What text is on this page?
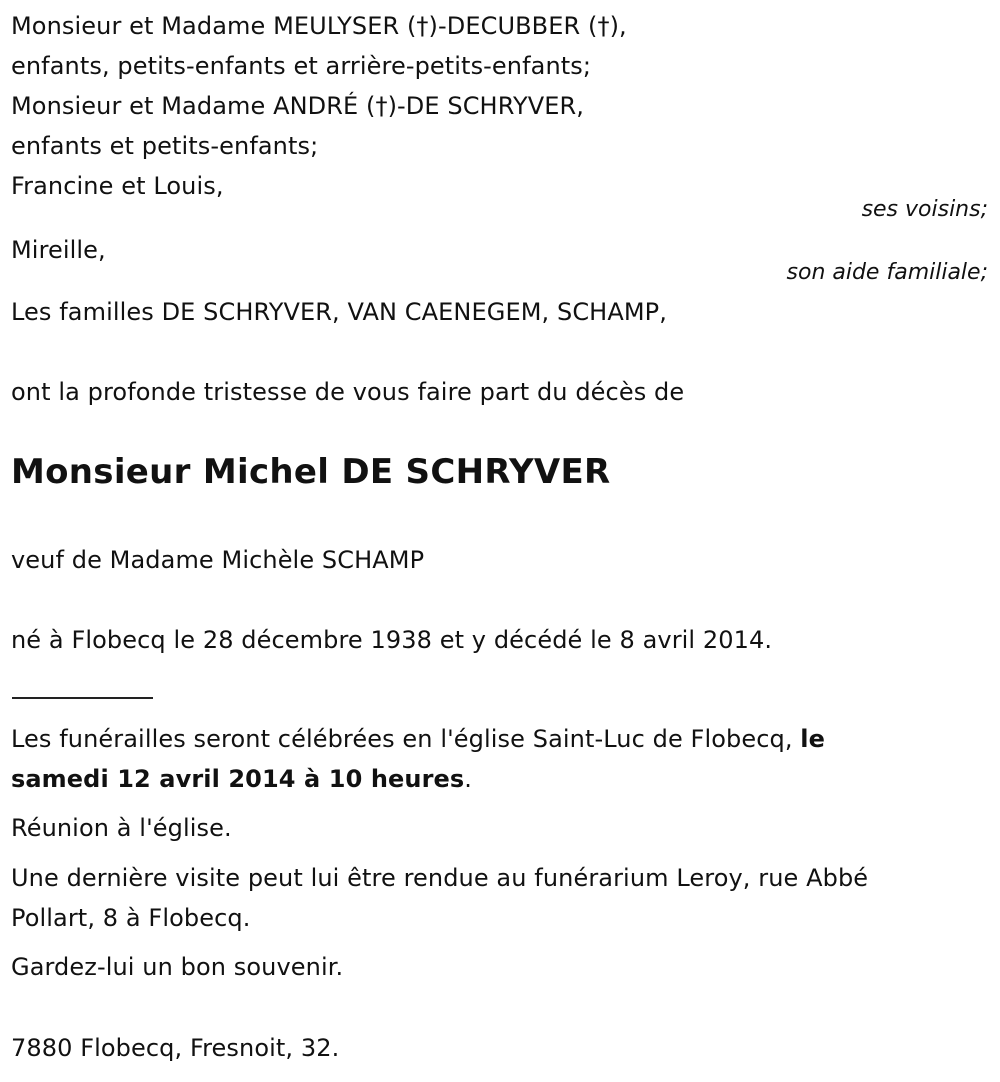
Monsieur et Madame MEULYSER (†)-DECUBBER (†),
enfants, petits-enfants et arrière-petits-enfants;
Monsieur et Madame ANDRÉ (†)-DE SCHRYVER,
enfants et petits-enfants;
Francine et Louis,
ses voisins;
Mireille,
son aide familiale;
Les familles DE SCHRYVER, VAN CAENEGEM, SCHAMP,
ont la profonde tristesse de vous faire part du décès de
Monsieur Michel DE SCHRYVER
veuf de Madame Michèle SCHAMP
né à Flobecq le 28 décembre 1938 et y décédé le 8 avril 2014.
Les funérailles seront célébrées en l'église Saint-Luc de Flobecq, le
samedi 12 avril 2014 à 10 heures.
Réunion à l'église.
Une dernière visite peut lui être rendue au funérarium Leroy, rue Abbé
Pollart, 8 à Flobecq.
Gardez-lui un bon souvenir.
7880 Flobecq, Fresnoit, 32.
